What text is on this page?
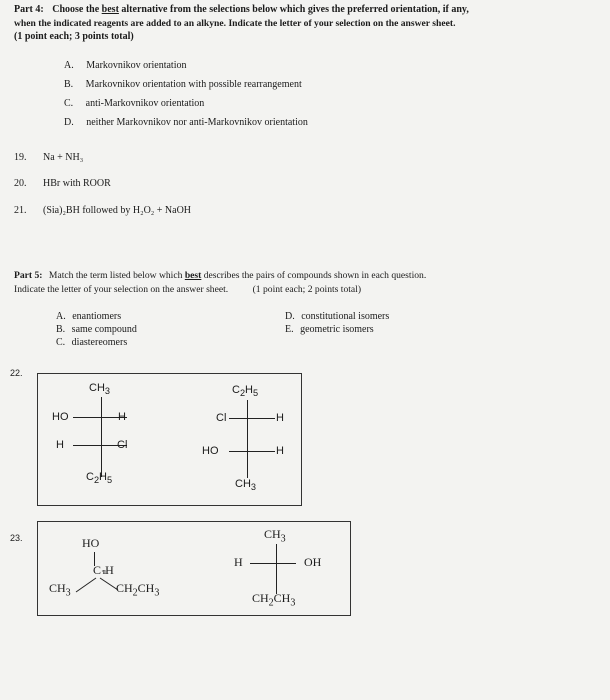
Part 4: Choose the best alternative from the selections below which gives the preferred orientation, if any,
when the indicated reagents are added to an alkyne. Indicate the letter of your selection on the answer sheet.
(1 point each; 3 points total)
A. Markovnikov orientation
B. Markovnikov orientation with possible rearrangement
C. anti-Markovnikov orientation
D. neither Markovnikov nor anti-Markovnikov orientation
19. Na + NH₃
20. HBr with ROOR
21. (Sia)₂BH followed by H₂O₂ + NaOH
Part 5: Match the term listed below which best describes the pairs of compounds shown in each question.
Indicate the letter of your selection on the answer sheet.	(1 point each; 2 points total)
A. enantiomers
B. same compound
C. diastereomers
D. constitutional isomers
E. geometric isomers
22.
$CH_3$
HO	H
H	Cl
$C_2H_5$
$C_2H_5$
Cl	H
HO	H
$CH_3$
23.	HO
C·ııH
$CH_3$	$CH_2CH_3$
$CH_3$
H	OH
$CH_2CH_3$
